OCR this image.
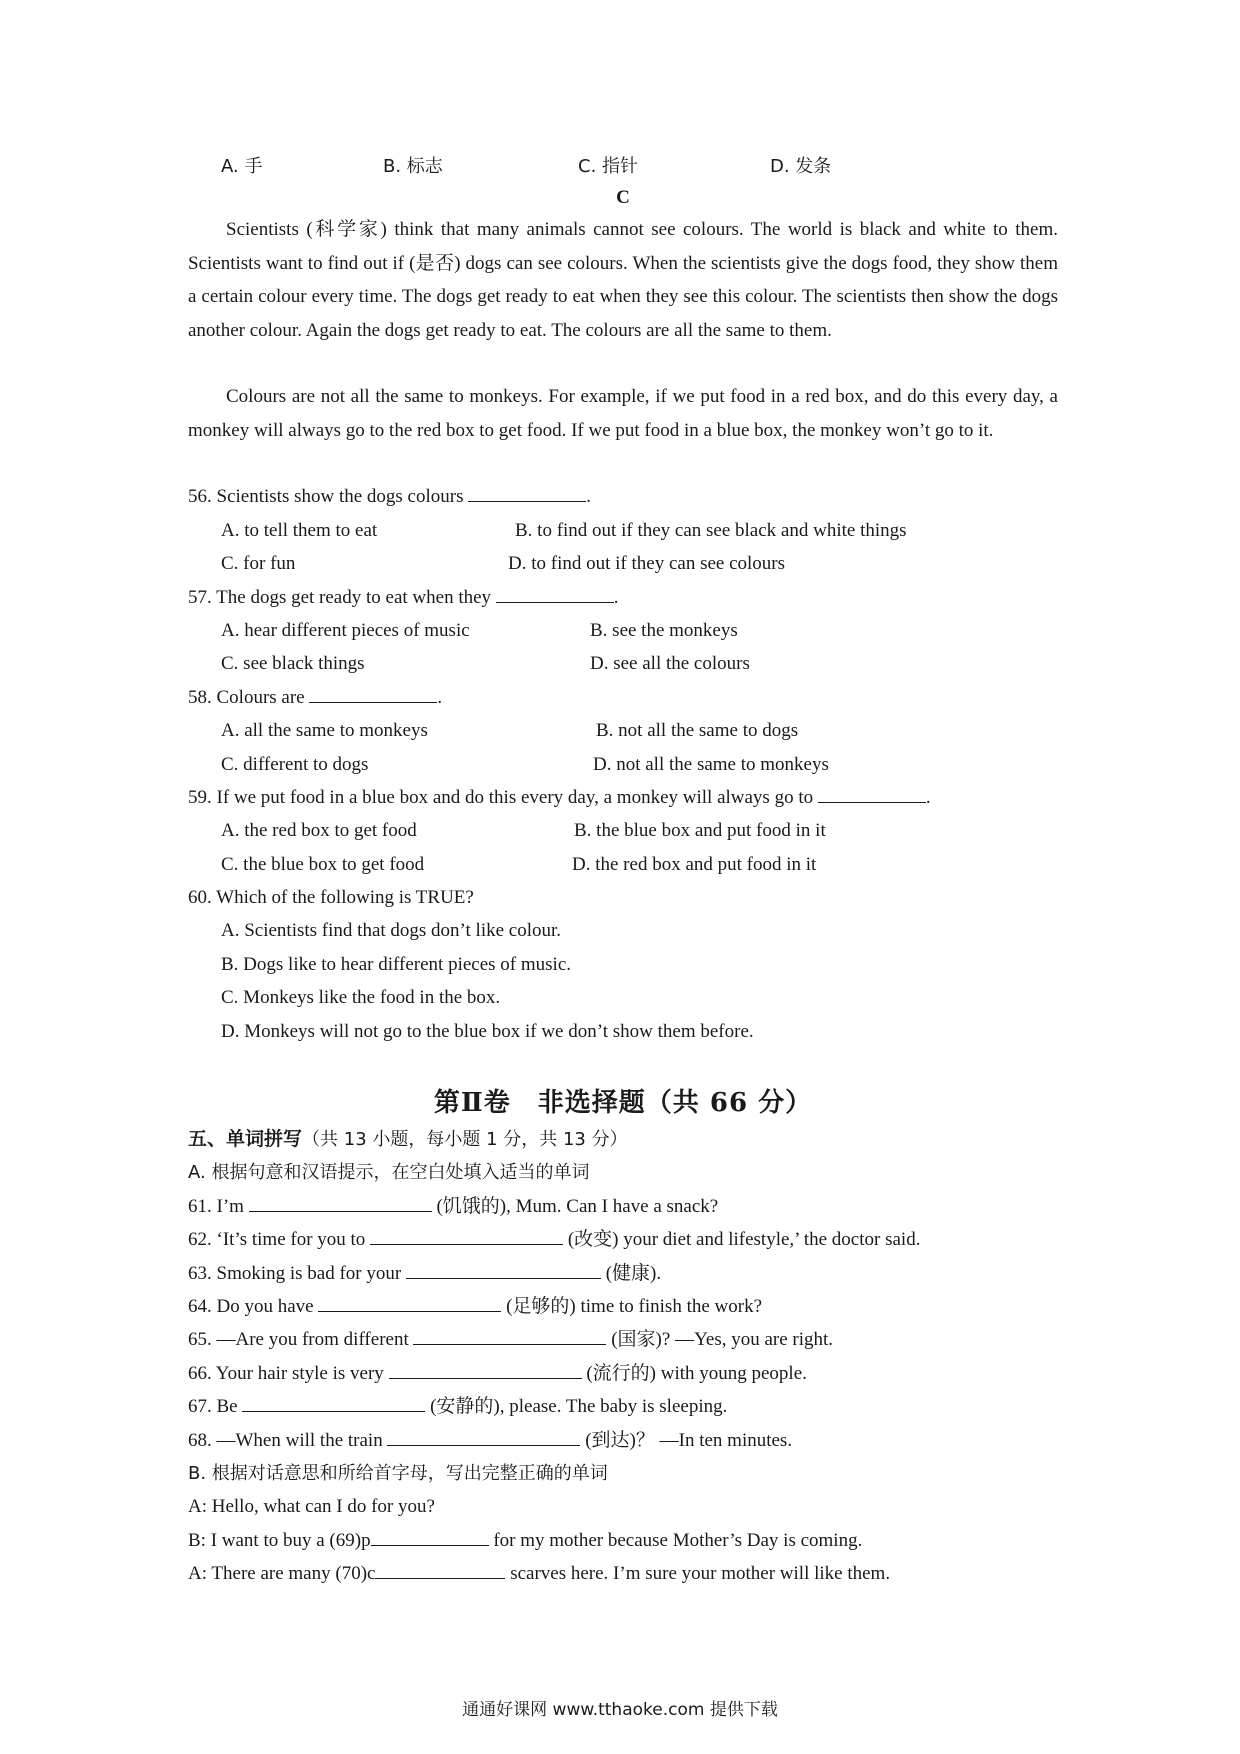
A. 手	B. 标志	C. 指针	D. 发条
C
Scientists (科学家) think that many animals cannot see colours. The world is black and white to them. Scientists want to find out if (是否) dogs can see colours. When the scientists give the dogs food, they show them a certain colour every time. The dogs get ready to eat when they see this colour. The scientists then show the dogs another colour. Again the dogs get ready to eat. The colours are all the same to them.
Colours are not all the same to monkeys. For example, if we put food in a red box, and do this every day, a monkey will always go to the red box to get food. If we put food in a blue box, the monkey won’t go to it.
56. Scientists show the dogs colours	.
A. to tell them to eat	B. to find out if they can see black and white things
C. for fun	D. to find out if they can see colours
57. The dogs get ready to eat when they	.
A. hear different pieces of music	B. see the monkeys
C. see black things	D. see all the colours
58. Colours are	.
A. all the same to monkeys	B. not all the same to dogs
C. different to dogs	D. not all the same to monkeys
59. If we put food in a blue box and do this every day, a monkey will always go to	.
A. the red box to get food	B. the blue box and put food in it
C. the blue box to get food	D. the red box and put food in it
60. Which of the following is TRUE?
A. Scientists find that dogs don’t like colour.
B. Dogs like to hear different pieces of music.
C. Monkeys like the food in the box.
D. Monkeys will not go to the blue box if we don’t show them before.
第Ⅱ卷　非选择题（共 66 分）
五、单词拼写（共 13 小题，每小题 1 分，共 13 分）
A. 根据句意和汉语提示，在空白处填入适当的单词
61. I’m	(饥饿的), Mum. Can I have a snack?
62. ‘It’s time for you to	(改变) your diet and lifestyle,’ the doctor said.
63. Smoking is bad for your	(健康).
64. Do you have	(足够的) time to finish the work?
65. —Are you from different	(国家)? —Yes, you are right.
66. Your hair style is very	(流行的) with young people.
67. Be	(安静的), please. The baby is sleeping.
68. —When will the train	(到达)？ —In ten minutes.
B. 根据对话意思和所给首字母，写出完整正确的单词
A: Hello, what can I do for you?
B: I want to buy a (69)p	for my mother because Mother’s Day is coming.
A: There are many (70)c	scarves here. I’m sure your mother will like them.
通通好课网 www.tthaoke.com 提供下载
